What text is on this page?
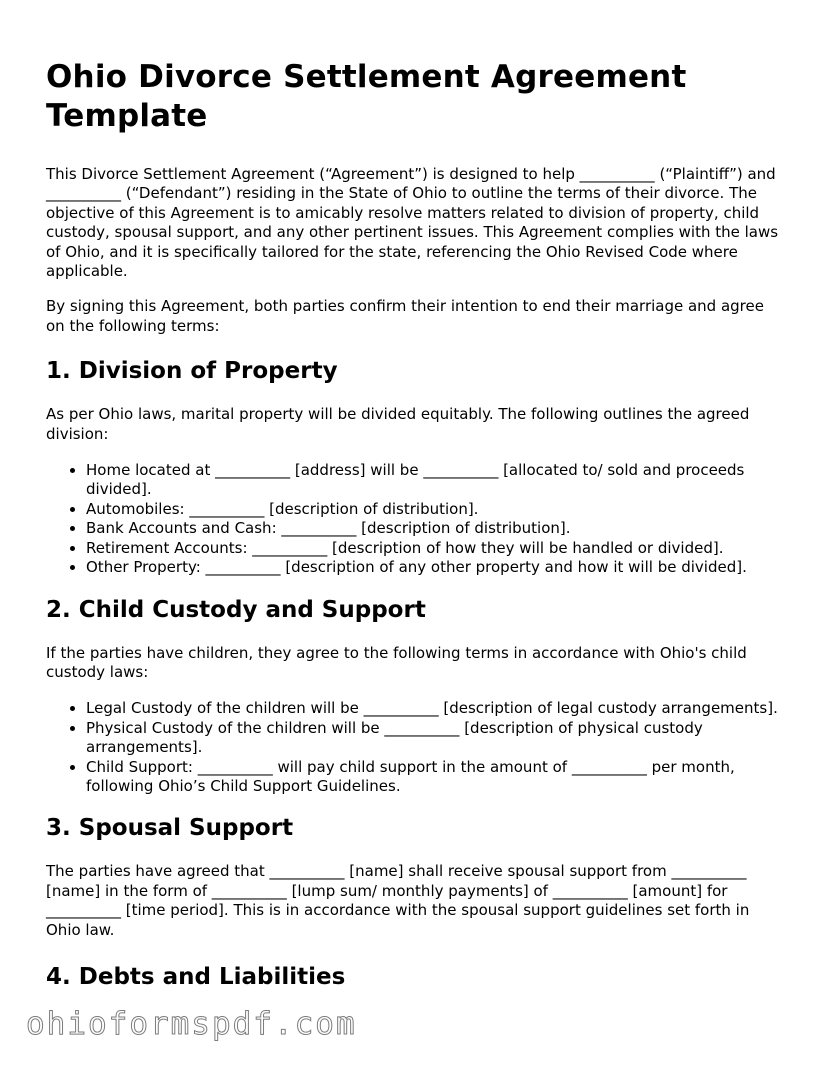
Ohio Divorce Settlement Agreement Template

This Divorce Settlement Agreement (“Agreement”) is designed to help __________ (“Plaintiff”) and __________ (“Defendant”) residing in the State of Ohio to outline the terms of their divorce. The objective of this Agreement is to amicably resolve matters related to division of property, child custody, spousal support, and any other pertinent issues. This Agreement complies with the laws of Ohio, and it is specifically tailored for the state, referencing the Ohio Revised Code where applicable.

By signing this Agreement, both parties confirm their intention to end their marriage and agree on the following terms:

1. Division of Property

As per Ohio laws, marital property will be divided equitably. The following outlines the agreed division:

• Home located at __________ [address] will be __________ [allocated to/ sold and proceeds divided].
• Automobiles: __________ [description of distribution].
• Bank Accounts and Cash: __________ [description of distribution].
• Retirement Accounts: __________ [description of how they will be handled or divided].
• Other Property: __________ [description of any other property and how it will be divided].
2. Child Custody and Support

If the parties have children, they agree to the following terms in accordance with Ohio's child custody laws:

• Legal Custody of the children will be __________ [description of legal custody arrangements].
• Physical Custody of the children will be __________ [description of physical custody arrangements].
• Child Support: __________ will pay child support in the amount of __________ per month, following Ohio’s Child Support Guidelines.
3. Spousal Support

The parties have agreed that __________ [name] shall receive spousal support from __________ [name] in the form of __________ [lump sum/ monthly payments] of __________ [amount] for __________ [time period]. This is in accordance with the spousal support guidelines set forth in Ohio law.

4. Debts and Liabilities
ohioformspdf.com
